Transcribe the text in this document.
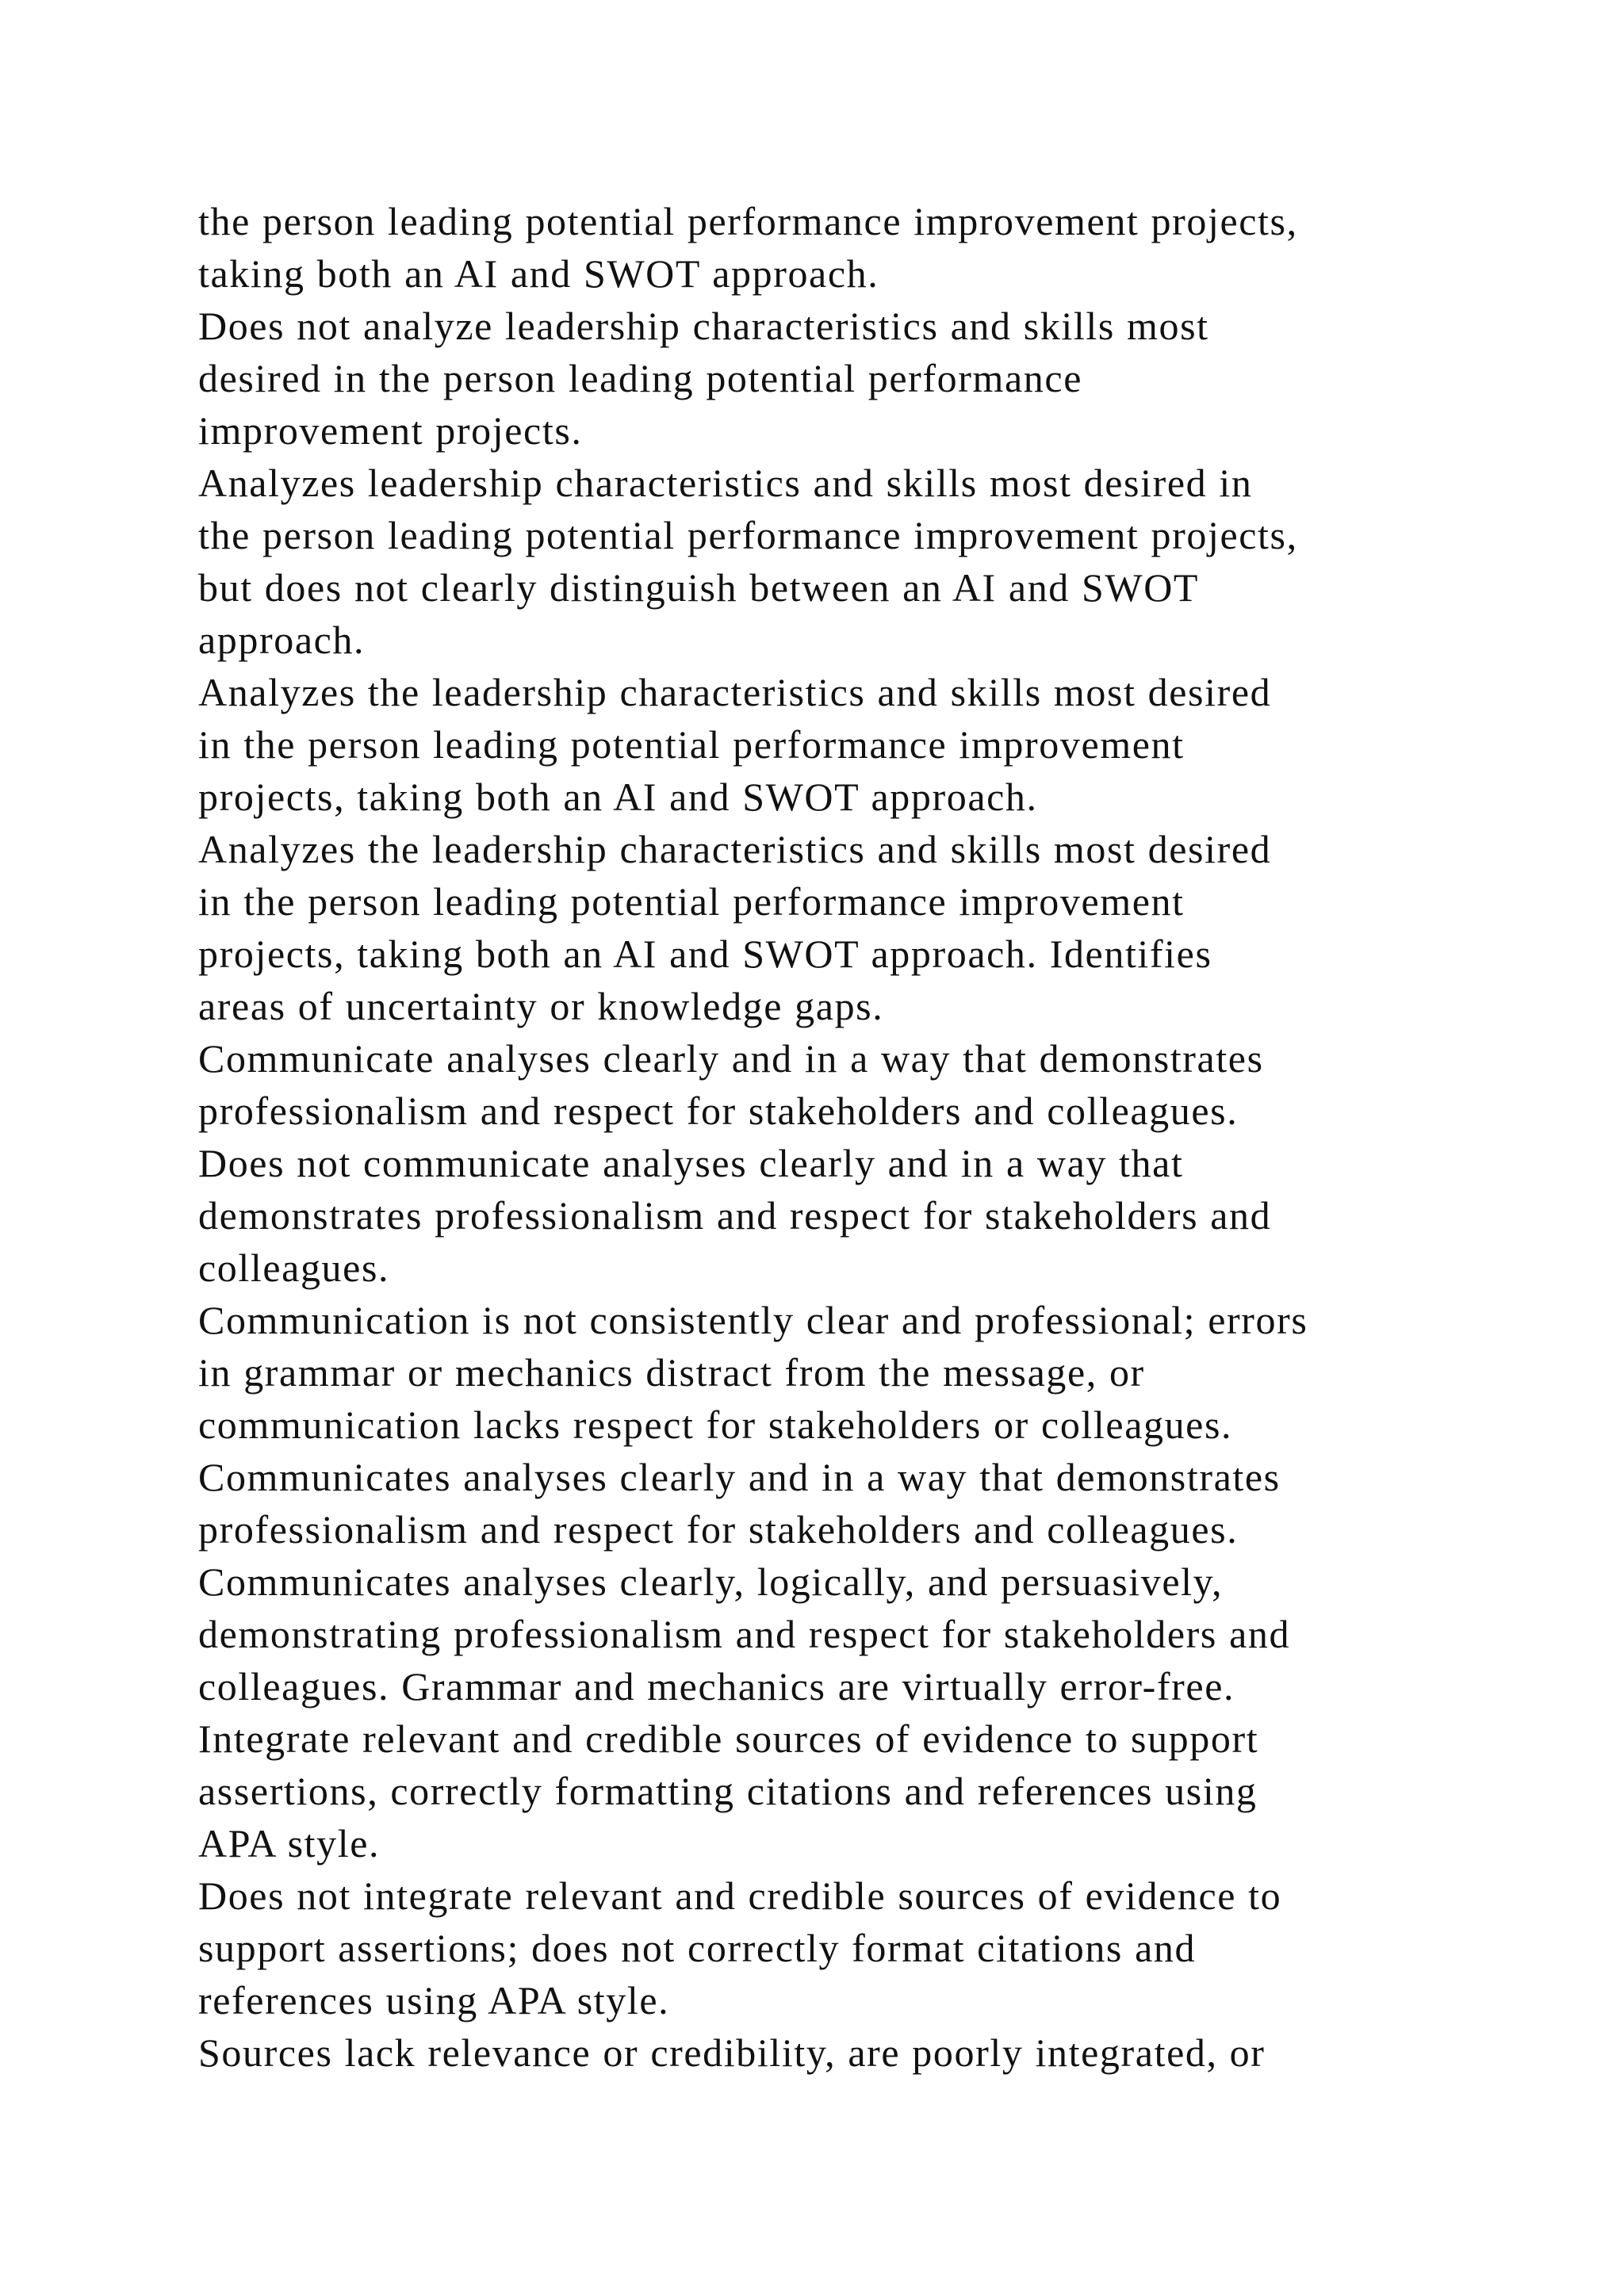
the person leading potential performance improvement projects,
taking both an AI and SWOT approach.
Does not analyze leadership characteristics and skills most
desired in the person leading potential performance
improvement projects.
Analyzes leadership characteristics and skills most desired in
the person leading potential performance improvement projects,
but does not clearly distinguish between an AI and SWOT
approach.
Analyzes the leadership characteristics and skills most desired
in the person leading potential performance improvement
projects, taking both an AI and SWOT approach.
Analyzes the leadership characteristics and skills most desired
in the person leading potential performance improvement
projects, taking both an AI and SWOT approach. Identifies
areas of uncertainty or knowledge gaps.
Communicate analyses clearly and in a way that demonstrates
professionalism and respect for stakeholders and colleagues.
Does not communicate analyses clearly and in a way that
demonstrates professionalism and respect for stakeholders and
colleagues.
Communication is not consistently clear and professional; errors
in grammar or mechanics distract from the message, or
communication lacks respect for stakeholders or colleagues.
Communicates analyses clearly and in a way that demonstrates
professionalism and respect for stakeholders and colleagues.
Communicates analyses clearly, logically, and persuasively,
demonstrating professionalism and respect for stakeholders and
colleagues. Grammar and mechanics are virtually error-free.
Integrate relevant and credible sources of evidence to support
assertions, correctly formatting citations and references using
APA style.
Does not integrate relevant and credible sources of evidence to
support assertions; does not correctly format citations and
references using APA style.
Sources lack relevance or credibility, are poorly integrated, or
